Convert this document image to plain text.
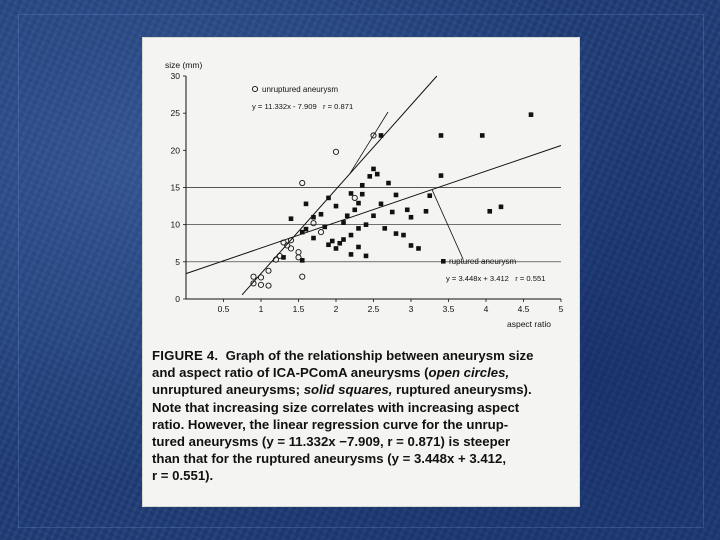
0
5
10
15
20
25
30
0.5	1	1.5	2	2.5	3	3.5	4	4.5	5
size (mm)
aspect ratio
unruptured aneurysm
y = 11.332x - 7.909   r = 0.871
ruptured aneurysm
y = 3.448x + 3.412   r = 0.551

FIGURE 4. Graph of the relationship between aneurysm size
and aspect ratio of ICA-PComA aneurysms (open circles,
unruptured aneurysms; solid squares, ruptured aneurysms).
Note that increasing size correlates with increasing aspect
ratio. However, the linear regression curve for the unrup-
tured aneurysms (y = 11.332x −7.909, r = 0.871) is steeper
than that for the ruptured aneurysms (y = 3.448x + 3.412,
r = 0.551).
